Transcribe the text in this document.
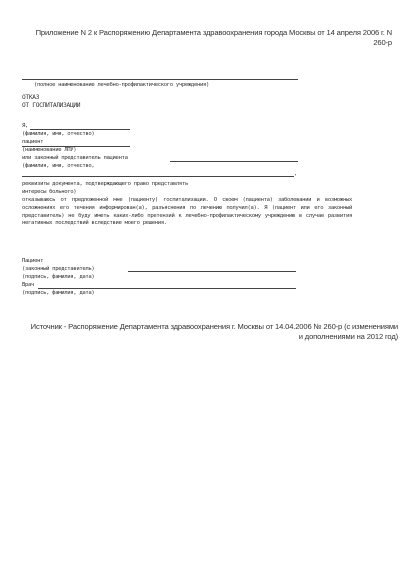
Приложение N 2 к Распоряжению Департамента здравоохранения города Москвы от 14 апреля 2006 г. N 260-р
(полное наименование лечебно-профилактического учреждения)
ОТКАЗ
ОТ ГОСПИТАЛИЗАЦИИ
Я,
(фамилия, имя, отчество)
пациент
(наименование ЛПУ)
или законный представитель пациента
(фамилия, имя, отчество,
,
реквизиты документа, подтверждающего право представлять
интересы больного)
отказываюсь от предложенной мне (пациенту) госпитализации. О своем (пациента) заболевании и возможных осложнениях его течения информирован(а), разъяснения по лечению получил(а). Я (пациент или его законный представитель) не буду иметь каких-либо претензий к лечебно-профилактическому учреждению в случае развития негативных последствий вследствие моего решения.
Пациент
(законный представитель)
(подпись, фамилия, дата)
Врач
(подпись, фамилия, дата)
Источник - Распоряжение Департамента здравоохранения г. Москвы от 14.04.2006 № 260-р (с изменениями и дополнениями на 2012 год)
